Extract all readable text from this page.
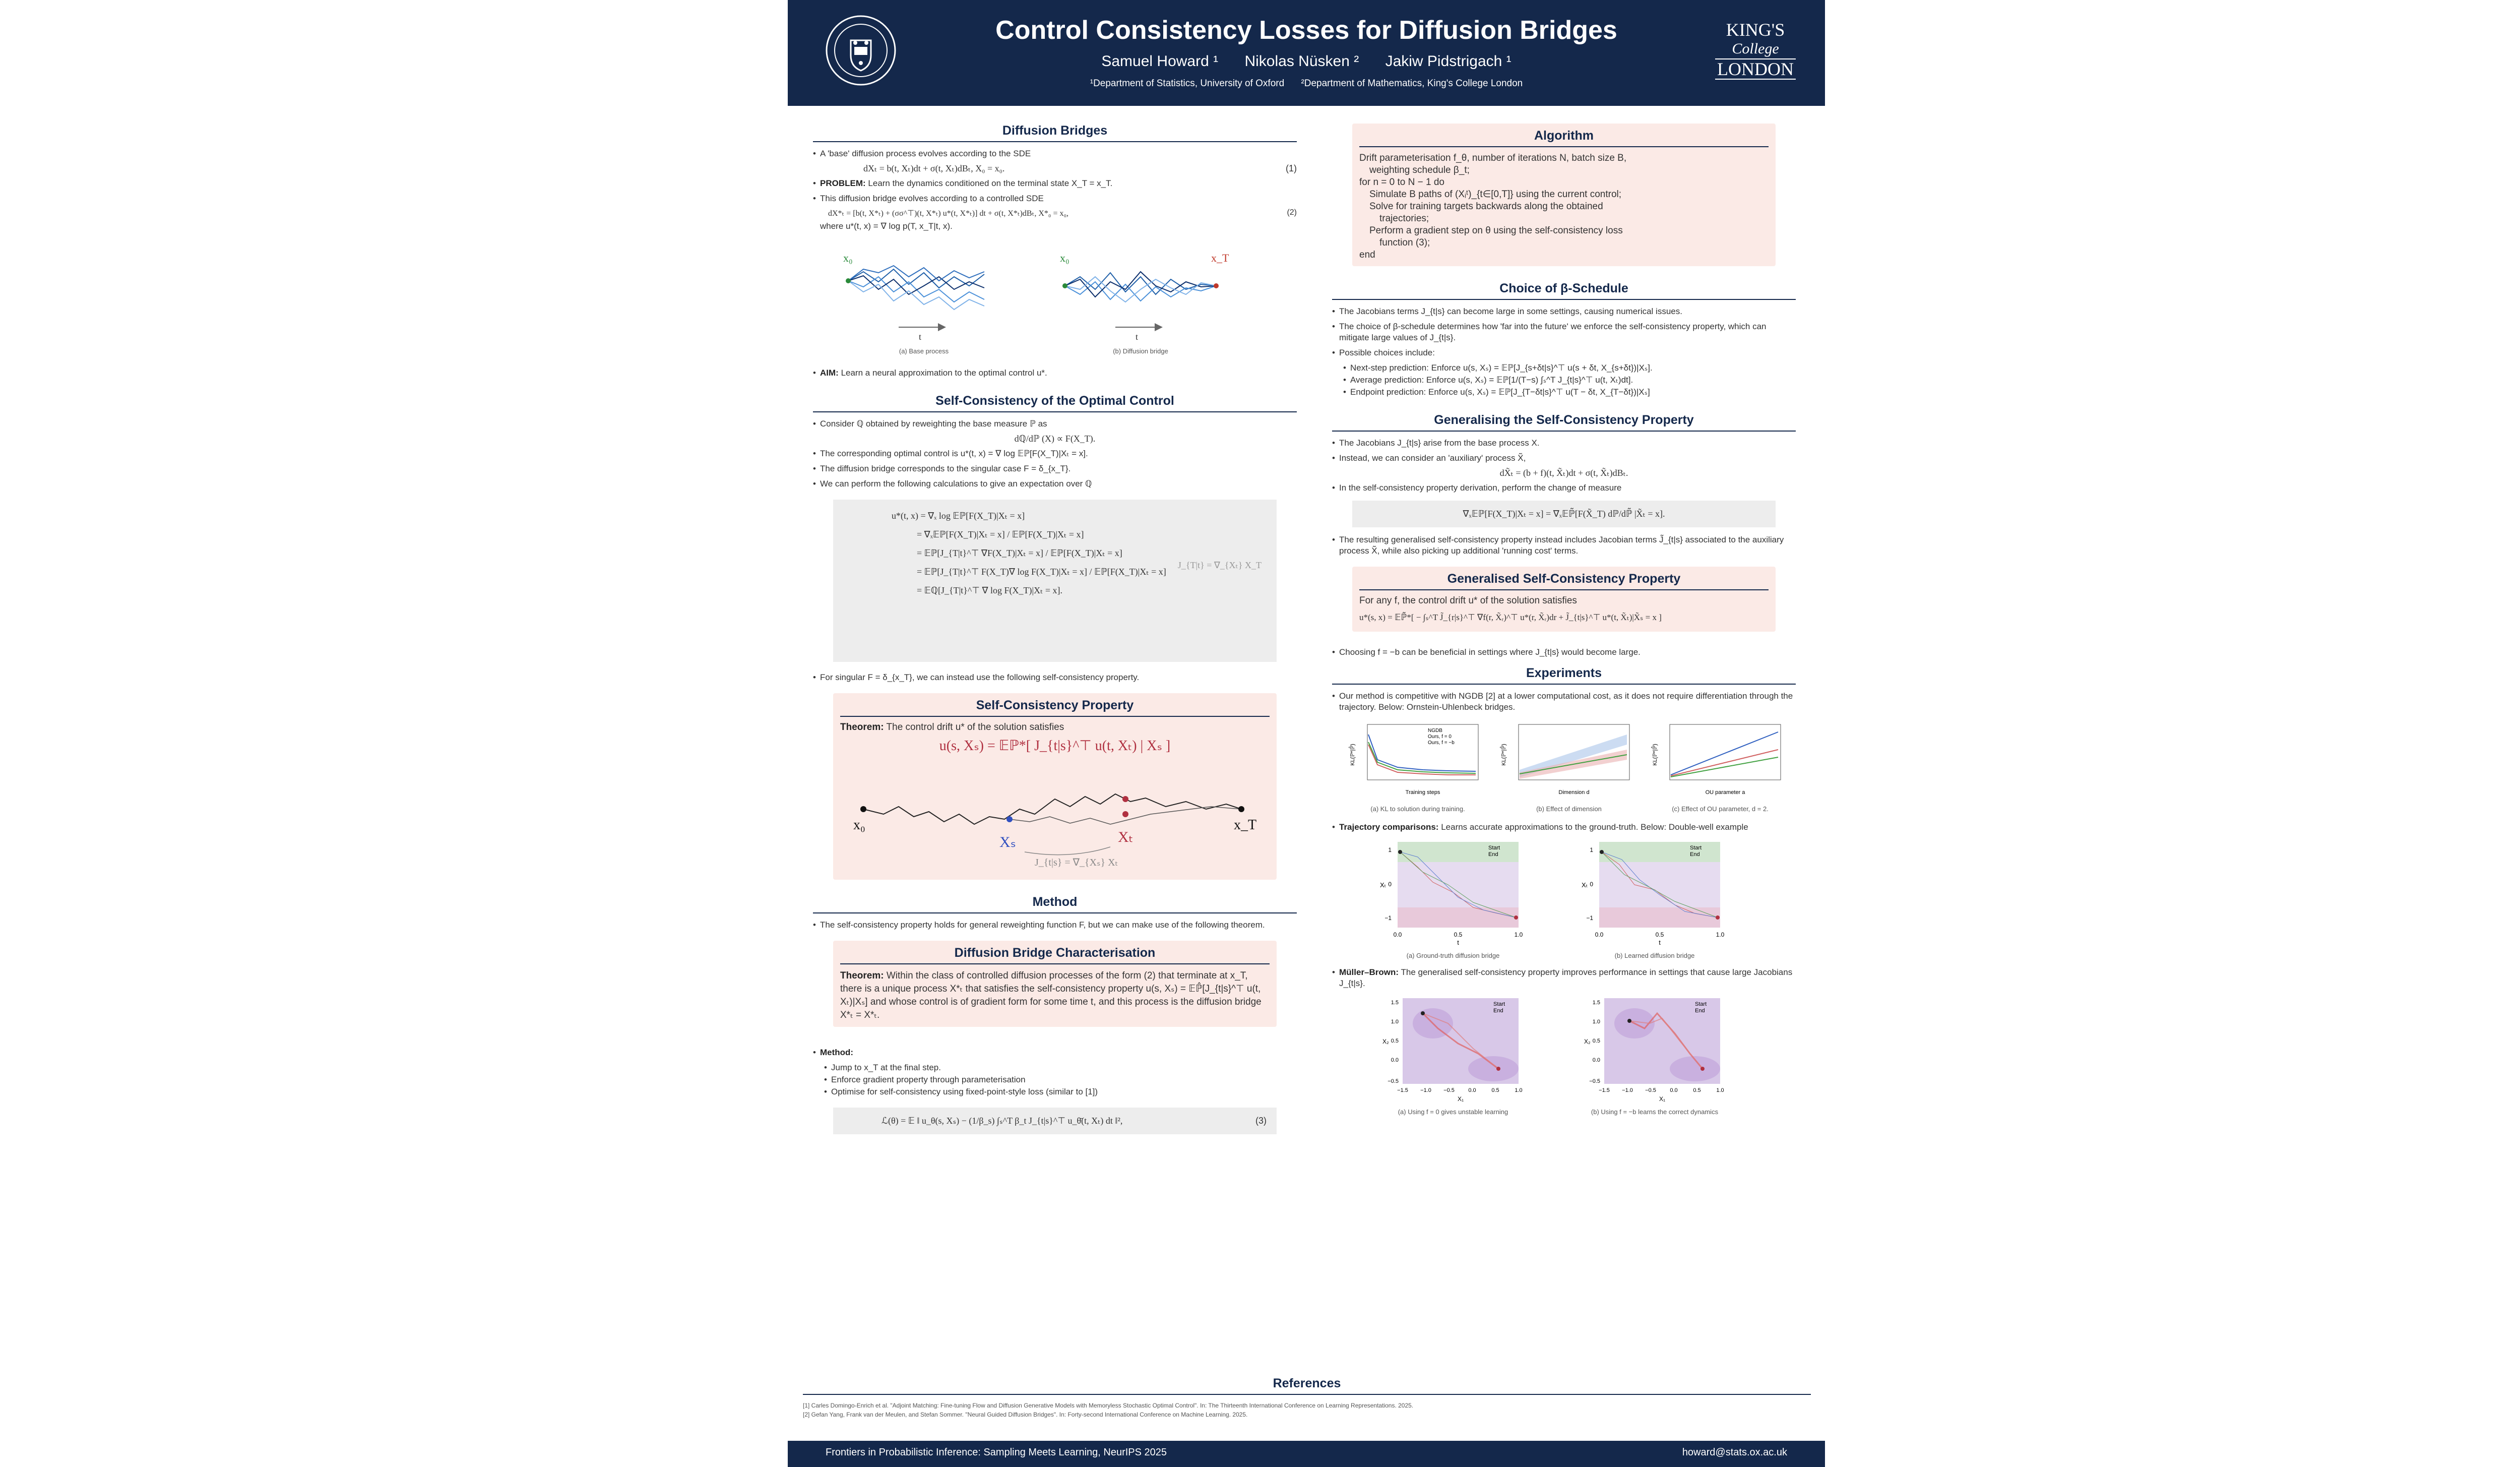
Control Consistency Losses for Diffusion Bridges
Samuel Howard ¹ Nikolas Nüsken ² Jakiw Pidstrigach ¹
¹Department of Statistics, University of Oxford ²Department of Mathematics, King's College London
KING'S
College
LONDON
Diffusion Bridges
• A 'base' diffusion process evolves according to the SDE
dXₜ = b(t, Xₜ)dt + σ(t, Xₜ)dBₜ, X₀ = x₀.	(1)
• PROBLEM: Learn the dynamics conditioned on the terminal state X_T = x_T.
• This diffusion bridge evolves according to a controlled SDE
dX*ₜ = [b(t, X*ₜ) + (σσ^⊤)(t, X*ₜ) u*(t, X*ₜ)] dt + σ(t, X*ₜ)dBₜ, X*₀ = x₀,	(2)
where u*(t, x) = ∇ log p(T, x_T|t, x).
x₀
t
x₀	x_T
t
(a) Base process	(b) Diffusion bridge
• AIM: Learn a neural approximation to the optimal control u*.
Self-Consistency of the Optimal Control
• Consider ℚ obtained by reweighting the base measure ℙ as
dℚ/dℙ (X) ∝ F(X_T).
• The corresponding optimal control is u*(t, x) = ∇ log 𝔼ℙ[F(X_T)|Xₜ = x].
• The diffusion bridge corresponds to the singular case F = δ_{x_T}.
• We can perform the following calculations to give an expectation over ℚ
u*(t, x) = ∇ₓ log 𝔼ℙ[F(X_T)|Xₜ = x]
= ∇ₓ𝔼ℙ[F(X_T)|Xₜ = x] / 𝔼ℙ[F(X_T)|Xₜ = x]
= 𝔼ℙ[J_{T|t}^⊤ ∇F(X_T)|Xₜ = x] / 𝔼ℙ[F(X_T)|Xₜ = x]
= 𝔼ℙ[J_{T|t}^⊤ F(X_T)∇ log F(X_T)|Xₜ = x] / 𝔼ℙ[F(X_T)|Xₜ = x]
= 𝔼ℚ[J_{T|t}^⊤ ∇ log F(X_T)|Xₜ = x].
J_{T|t} = ∇_{Xₜ} X_T
• For singular F = δ_{x_T}, we can instead use the following self-consistency property.
Self-Consistency Property
Theorem: The control drift u* of the solution satisfies
u(s, Xₛ) = 𝔼ℙ*[ J_{t|s}^⊤ u(t, Xₜ) | Xₛ ]
x₀	x_T
Xₛ	Xₜ
J_{t|s} = ∇_{Xₛ} Xₜ
Method
• The self-consistency property holds for general reweighting function F, but we can make use of the following theorem.
Diffusion Bridge Characterisation
Theorem: Within the class of controlled diffusion processes of the form (2) that terminate at x_T, there is a unique process X*ₜ that satisfies the self-consistency property u(s, Xₛ) = 𝔼ℙ̂[J_{t|s}^⊤ u(t, Xₜ)|Xₛ] and whose control is of gradient form for some time t, and this process is the diffusion bridge X*ₜ = X*ₜ.
• Method:
• Jump to x_T at the final step.
• Enforce gradient property through parameterisation
• Optimise for self-consistency using fixed-point-style loss (similar to [1])
ℒ(θ) = 𝔼 ‖ u_θ(s, Xₛ) − (1/β_s) ∫ₛ^T β_t J_{t|s}^⊤ u_θ̄(t, Xₜ) dt ‖²,	(3)
Algorithm
Drift parameterisation f_θ, number of iterations N, batch size B,
weighting schedule β_t;
for n = 0 to N − 1 do
Simulate B paths of (Xᵢᵗ)_{t∈[0,T]} using the current control;
Solve for training targets backwards along the obtained
trajectories;
Perform a gradient step on θ using the self-consistency loss
function (3);
end
Choice of β-Schedule
• The Jacobians terms J_{t|s} can become large in some settings, causing numerical issues.
• The choice of β-schedule determines how 'far into the future' we enforce the self-consistency property, which can mitigate large values of J_{t|s}.
• Possible choices include:
• Next-step prediction: Enforce u(s, Xₛ) = 𝔼ℙ[J_{s+δt|s}^⊤ u(s + δt, X_{s+δt})|Xₛ].
• Average prediction: Enforce u(s, Xₛ) = 𝔼ℙ[1/(T−s) ∫ₛ^T J_{t|s}^⊤ u(t, Xₜ)dt].
• Endpoint prediction: Enforce u(s, Xₛ) = 𝔼ℙ[J_{T−δt|s}^⊤ u(T − δt, X_{T−δt})|Xₛ]
Generalising the Self-Consistency Property
• The Jacobians J_{t|s} arise from the base process X.
• Instead, we can consider an 'auxiliary' process X̃,
dX̃ₜ = (b + f)(t, X̃ₜ)dt + σ(t, X̃ₜ)dBₜ.
• In the self-consistency property derivation, perform the change of measure
∇ₓ𝔼ℙ[F(X_T)|Xₜ = x] = ∇ₓ𝔼ℙ̃[F(X̃_T) dℙ/dℙ̃ |X̃ₜ = x].
• The resulting generalised self-consistency property instead includes Jacobian terms J̃_{t|s} associated to the auxiliary process X̃, while also picking up additional 'running cost' terms.
Generalised Self-Consistency Property
For any f, the control drift u* of the solution satisfies
u*(s, x) = 𝔼ℙ̃*[ − ∫ₛ^T J̃_{r|s}^⊤ ∇f(r, X̃ᵣ)^⊤ u*(r, X̃ᵣ)dr + J̃_{t|s}^⊤ u*(t, X̃ₜ)|X̃ₛ = x ]
• Choosing f = −b can be beneficial in settings where J_{t|s} would become large.
Experiments
• Our method is competitive with NGDB [2] at a lower computational cost, as it does not require differentiation through the trajectory. Below: Ornstein-Uhlenbeck bridges.
Training steps
KL(ℙ*|ℙ̂)
NGDB
Ours, f = 0
Ours, f = −b
Dimension d
KL(ℙ*|ℙ̂)
OU parameter a
KL(ℙ*|ℙ̂)
(a) KL to solution during training.	(b) Effect of dimension	(c) Effect of OU parameter, d = 2.
• Trajectory comparisons: Learns accurate approximations to the ground-truth. Below: Double-well example
Start
End
1
0
−1
0.0	0.5	1.0
t
Xₜ
Start
End
1
0
−1
0.0	0.5	1.0
t
Xₜ
(a) Ground-truth diffusion bridge	(b) Learned diffusion bridge
• Müller–Brown: The generalised self-consistency property improves performance in settings that cause large Jacobians J_{t|s}.
Start
End
1.5
1.0
0.5
0.0
−0.5
−1.5 −1.0 −0.5 0.0	0.5	1.0
X₁
X₂
Start
End
1.5
1.0
0.5
0.0
−0.5
−1.5 −1.0 −0.5 0.0	0.5	1.0
X₁
X₂
(a) Using f = 0 gives unstable learning	(b) Using f = −b learns the correct dynamics
References
[1] Carles Domingo-Enrich et al. "Adjoint Matching: Fine-tuning Flow and Diffusion Generative Models with Memoryless Stochastic Optimal Control". In: The Thirteenth International Conference on Learning Representations. 2025.
[2] Gefan Yang, Frank van der Meulen, and Stefan Sommer. "Neural Guided Diffusion Bridges". In: Forty-second International Conference on Machine Learning. 2025.
Frontiers in Probabilistic Inference: Sampling Meets Learning, NeurIPS 2025	howard@stats.ox.ac.uk
